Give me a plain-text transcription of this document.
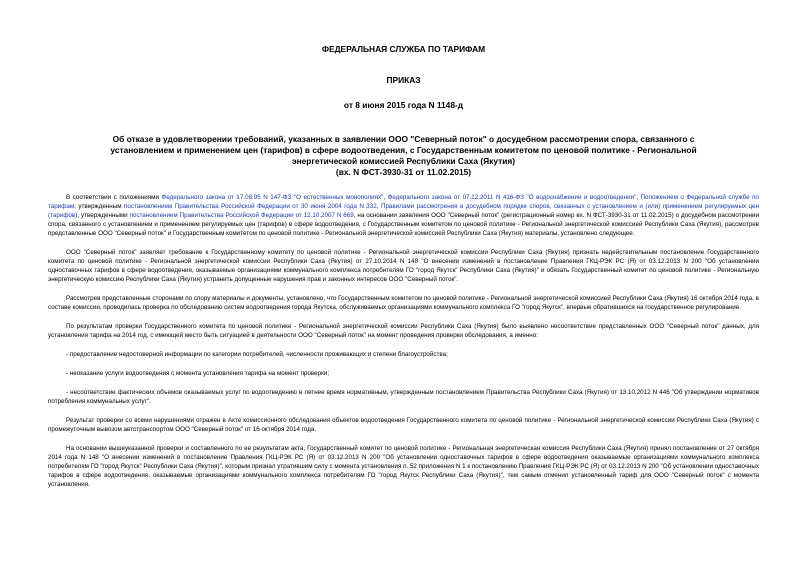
ФЕДЕРАЛЬНАЯ СЛУЖБА ПО ТАРИФАМ
ПРИКАЗ
от 8 июня 2015 года N 1148-д
Об отказе в удовлетворении требований, указанных в заявлении ООО "Северный поток" о досудебном рассмотрении спора, связанного с установлением и применением цен (тарифов) в сфере водоотведения, с Государственным комитетом по ценовой политике - Региональной энергетической комиссией Республики Саха (Якутия)
(вх. N ФСТ-3930-31 от 11.02.2015)

В соответствии с положениями Федерального закона от 17.08.95 N 147-ФЗ "О естественных монополиях", Федерального закона от 07.12.2011 N 416-ФЗ "О водоснабжении и водоотведении", Положением о Федеральной службе по тарифам, утвержденным постановлением Правительства Российской Федерации от 30 июня 2004 года N 332, Правилами рассмотрения в досудебном порядке споров, связанных с установлением и (или) применением регулируемых цен (тарифов), утвержденными постановлением Правительства Российской Федерации от 12.10.2007 N 669, на основании заявления ООО "Северный поток" (регистрационный номер вх. N ФСТ-3930-31 от 11.02.2015) о досудебном рассмотрении спора, связанного с установлением и применением регулируемых цен (тарифов) в сфере водоотведения, с Государственным комитетом по ценовой политике - Региональной энергетической комиссией Республики Саха (Якутия), рассмотрев представленные ООО "Северный поток" и Государственным комитетом по ценовой политике - Региональной энергетической комиссией Республики Саха (Якутия) материалы, установлено следующее.

ООО "Северный поток" заявляет требование к Государственному комитету по ценовой политике - Региональной энергетической комиссии Республики Саха (Якутия) признать недействительным постановление Государственного комитета по ценовой политике - Региональной энергетической комиссии Республики Саха (Якутия) от 27.10.2014 N 148 "О внесении изменений в постановление Правления ГКЦ-РЭК РС (Я) от 03.12.2013 N 200 "Об установлении одноставочных тарифов в сфере водоотведения, оказываемые организациями коммунального комплекса потребителям ГО "город Якутск" Республики Саха (Якутия)" и обязать Государственный комитет по ценовой политике - Региональную энергетическую комиссию Республики Саха (Якутия) устранить допущенные нарушения прав и законных интересов ООО "Северный поток".

Рассмотрев представленные сторонами по спору материалы и документы, установлено, что Государственным комитетом по ценовой политике - Региональной энергетической комиссией Республики Саха (Якутия) 16 октября 2014 года, в составе комиссии, проводилась проверка по обследованию систем водоотведения города Якутска, обслуживаемых организациями коммунального комплекса ГО "город Якутск", впервые обратившихся на государственное регулирование.

По результатам проверки Государственного комитета по ценовой политике - Региональной энергетической комиссии Республики Саха (Якутия) было выявлено несоответствие представленных ООО "Северный поток" данных, для установления тарифа на 2014 год, с имеющей место быть ситуацией в деятельности ООО "Северный поток" на момент проведения проверки обследования, а именно:

- предоставление недостоверной информации по категории потребителей, численности проживающих и степени благоустройства;

- неоказание услуги водоотведения с момента установления тарифа на момент проверки;

- несоответствие фактических объемов оказываемых услуг по водоотведению в летнее время нормативным, утвержденным постановлением Правительства Республики Саха (Якутия) от 13.10.2012 N 446 "Об утверждении нормативов потребления коммунальных услуг".

Результат проверки со всеми нарушениями отражен в Акте комиссионного обследования объектов водоотведения Государственного комитета по ценовой политике - Региональной энергетической комиссии Республики Саха (Якутия) с промежуточным вывозом автотранспортом ООО "Северный поток" от 16 октября 2014 года.

На основании вышеуказанной проверки и составленного по ее результатам акта, Государственный комитет по ценовой политике - Региональная энергетическая комиссия Республики Саха (Якутия) принял постановление от 27 октября 2014 года N 148 "О внесении изменений в постановление Правления ГКЦ-РЭК РС (Я) от 03.12.2013 N 200 "Об установлении одноставочных тарифов в сфере водоотведения оказываемые организациями коммунального комплекса потребителям ГО "город Якутск" Республики Саха (Якутия)", которым признал утратившим силу с момента установления п. 52 приложения N 1 к постановлению Правления ГКЦ-РЭК РС (Я) от 03.12.2013 N 200 "Об установлении одноставочных тарифов в сфере водоотведения, оказываемые организациями коммунального комплекса потребителям ГО "город Якутск Республики Саха (Якутия)", тем самым отменил установленный тариф для ООО "Северный поток" с момента установления.
